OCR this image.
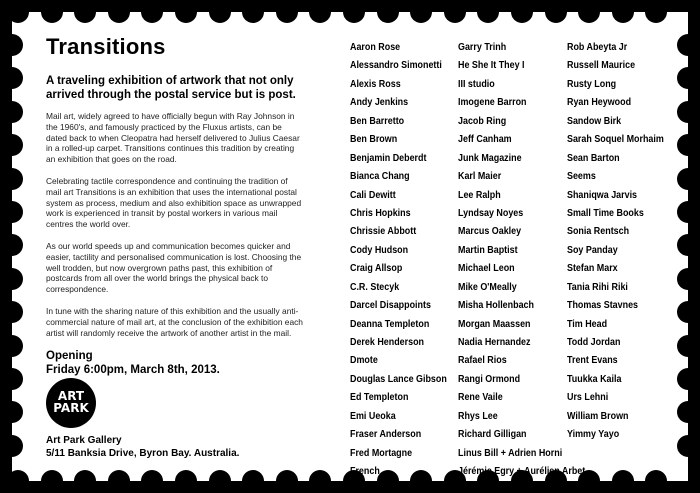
Transitions

A traveling exhibition of artwork that not only arrived through the postal service but is post.

Mail art, widely agreed to have officially begun with Ray Johnson in the 1960's, and famously practiced by the Fluxus artists, can be dated back to when Cleopatra had herself delivered to Julius Caesar in a rolled-up carpet. Transitions continues this tradition by creating an exhibition that goes on the road.

Celebrating tactile correspondence and continuing the tradition of mail art Transitions is an exhibition that uses the international postal system as process, medium and also exhibition space as unwrapped work is experienced in transit by postal workers in various mail centres the world over.

As our world speeds up and communication becomes quicker and easier, tactility and personalised communication is lost. Choosing the well trodden, but now overgrown paths past, this exhibition of postcards from all over the world brings the physical back to correspondence.

In tune with the sharing nature of this exhibition and the usually anti-commercial nature of mail art, at the conclusion of the exhibition each artist will randomly receive the artwork of another artist in the mail.

Opening
Friday 6:00pm, March 8th, 2013.
ART
PARK
Art Park Gallery
5/11 Banksia Drive, Byron Bay. Australia.
Aaron Rose
Alessandro Simonetti
Alexis Ross
Andy Jenkins
Ben Barretto
Ben Brown
Benjamin Deberdt
Bianca Chang
Cali Dewitt
Chris Hopkins
Chrissie Abbott
Cody Hudson
Craig Allsop
C.R. Stecyk
Darcel Disappoints
Deanna Templeton
Derek Henderson
Dmote
Douglas Lance Gibson
Ed Templeton
Emi Ueoka
Fraser Anderson
Fred Mortagne
French
Garry Trinh
He She It They I
III studio
Imogene Barron
Jacob Ring
Jeff Canham
Junk Magazine
Karl Maier
Lee Ralph
Lyndsay Noyes
Marcus Oakley
Martin Baptist
Michael Leon
Mike O'Meally
Misha Hollenbach
Morgan Maassen
Nadia Hernandez
Rafael Rios
Rangi Ormond
Rene Vaile
Rhys Lee
Richard Gilligan
Linus Bill + Adrien Horni
Jérémie Egry + Aurélien Arbet
Rob Abeyta Jr
Russell Maurice
Rusty Long
Ryan Heywood
Sandow Birk
Sarah Soquel Morhaim
Sean Barton
Seems
Shaniqwa Jarvis
Small Time Books
Sonia Rentsch
Soy Panday
Stefan Marx
Tania Rihi Riki
Thomas Stavnes
Tim Head
Todd Jordan
Trent Evans
Tuukka Kaila
Urs Lehni
William Brown
Yimmy Yayo
